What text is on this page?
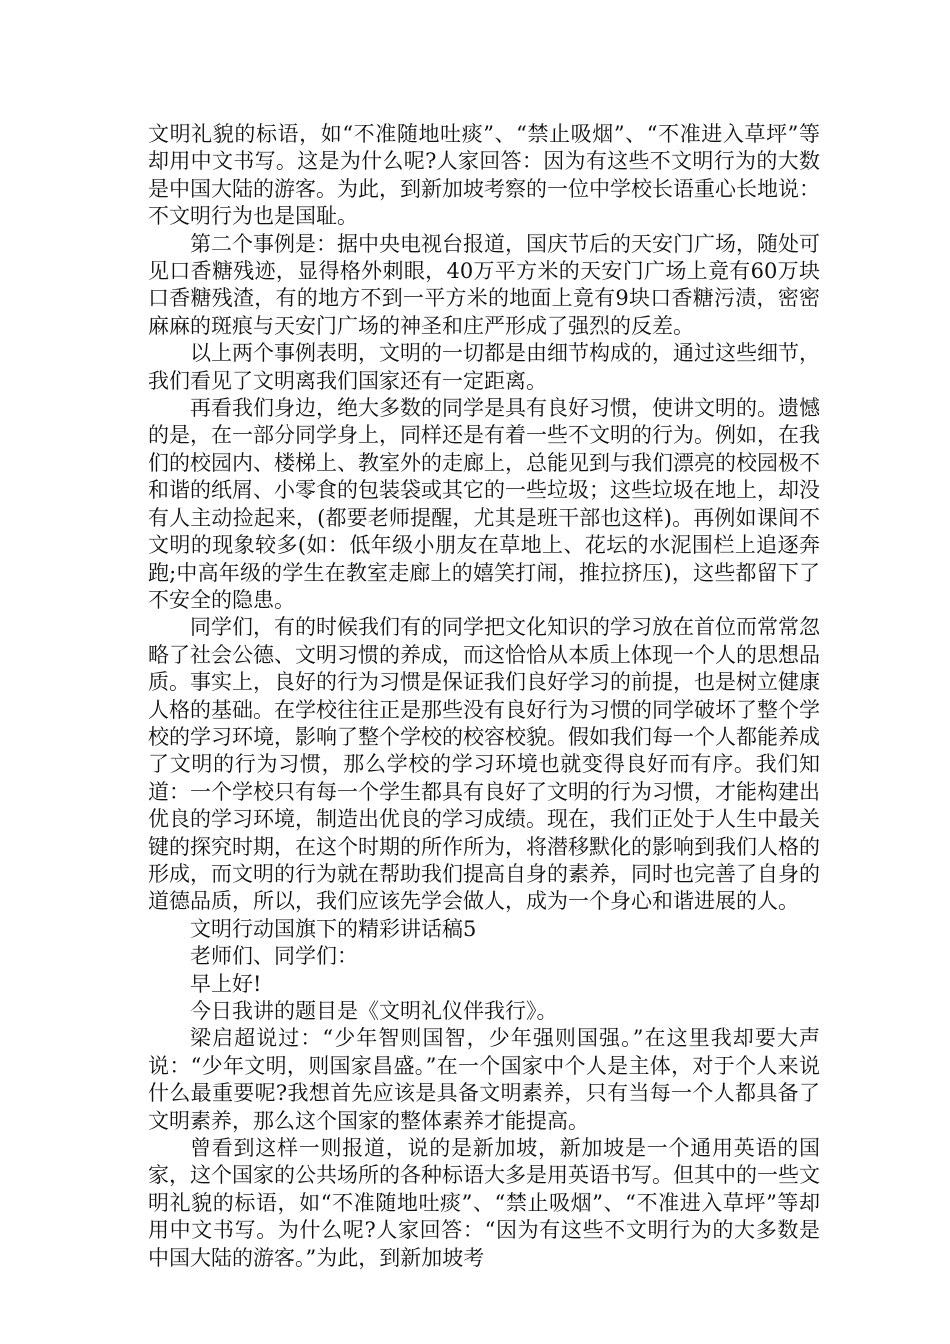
文明礼貌的标语，如“不准随地吐痰”、“禁止吸烟”、“不准进入草坪”等却用中文书写。这是为什么呢?人家回答：因为有这些不文明行为的大数是中国大陆的游客。为此，到新加坡考察的一位中学校长语重心长地说：不文明行为也是国耻。

第二个事例是：据中央电视台报道，国庆节后的天安门广场，随处可见口香糖残迹，显得格外刺眼，40万平方米的天安门广场上竟有60万块口香糖残渣，有的地方不到一平方米的地面上竟有9块口香糖污渍，密密麻麻的斑痕与天安门广场的神圣和庄严形成了强烈的反差。

以上两个事例表明，文明的一切都是由细节构成的，通过这些细节，我们看见了文明离我们国家还有一定距离。

再看我们身边，绝大多数的同学是具有良好习惯，使讲文明的。遗憾的是，在一部分同学身上，同样还是有着一些不文明的行为。例如，在我们的校园内、楼梯上、教室外的走廊上，总能见到与我们漂亮的校园极不和谐的纸屑、小零食的包装袋或其它的一些垃圾；这些垃圾在地上，却没有人主动捡起来，(都要老师提醒，尤其是班干部也这样)。再例如课间不文明的现象较多(如：低年级小朋友在草地上、花坛的水泥围栏上追逐奔跑;中高年级的学生在教室走廊上的嬉笑打闹，推拉挤压)，这些都留下了不安全的隐患。

同学们，有的时候我们有的同学把文化知识的学习放在首位而常常忽略了社会公德、文明习惯的养成，而这恰恰从本质上体现一个人的思想品质。事实上，良好的行为习惯是保证我们良好学习的前提，也是树立健康人格的基础。在学校往往正是那些没有良好行为习惯的同学破坏了整个学校的学习环境，影响了整个学校的校容校貌。假如我们每一个人都能养成了文明的行为习惯，那么学校的学习环境也就变得良好而有序。我们知道：一个学校只有每一个学生都具有良好了文明的行为习惯，才能构建出优良的学习环境，制造出优良的学习成绩。现在，我们正处于人生中最关键的探究时期，在这个时期的所作所为，将潜移默化的影响到我们人格的形成，而文明的行为就在帮助我们提高自身的素养，同时也完善了自身的道德品质，所以，我们应该先学会做人，成为一个身心和谐进展的人。

文明行动国旗下的精彩讲话稿5

老师们、同学们：

早上好!

今日我讲的题目是《文明礼仪伴我行》。

梁启超说过：“少年智则国智，少年强则国强。”在这里我却要大声说：“少年文明，则国家昌盛。”在一个国家中个人是主体，对于个人来说什么最重要呢?我想首先应该是具备文明素养，只有当每一个人都具备了文明素养，那么这个国家的整体素养才能提高。

曾看到这样一则报道，说的是新加坡，新加坡是一个通用英语的国家，这个国家的公共场所的各种标语大多是用英语书写。但其中的一些文明礼貌的标语，如“不准随地吐痰”、“禁止吸烟”、“不准进入草坪”等却用中文书写。为什么呢?人家回答：“因为有这些不文明行为的大多数是中国大陆的游客。”为此，到新加坡考
